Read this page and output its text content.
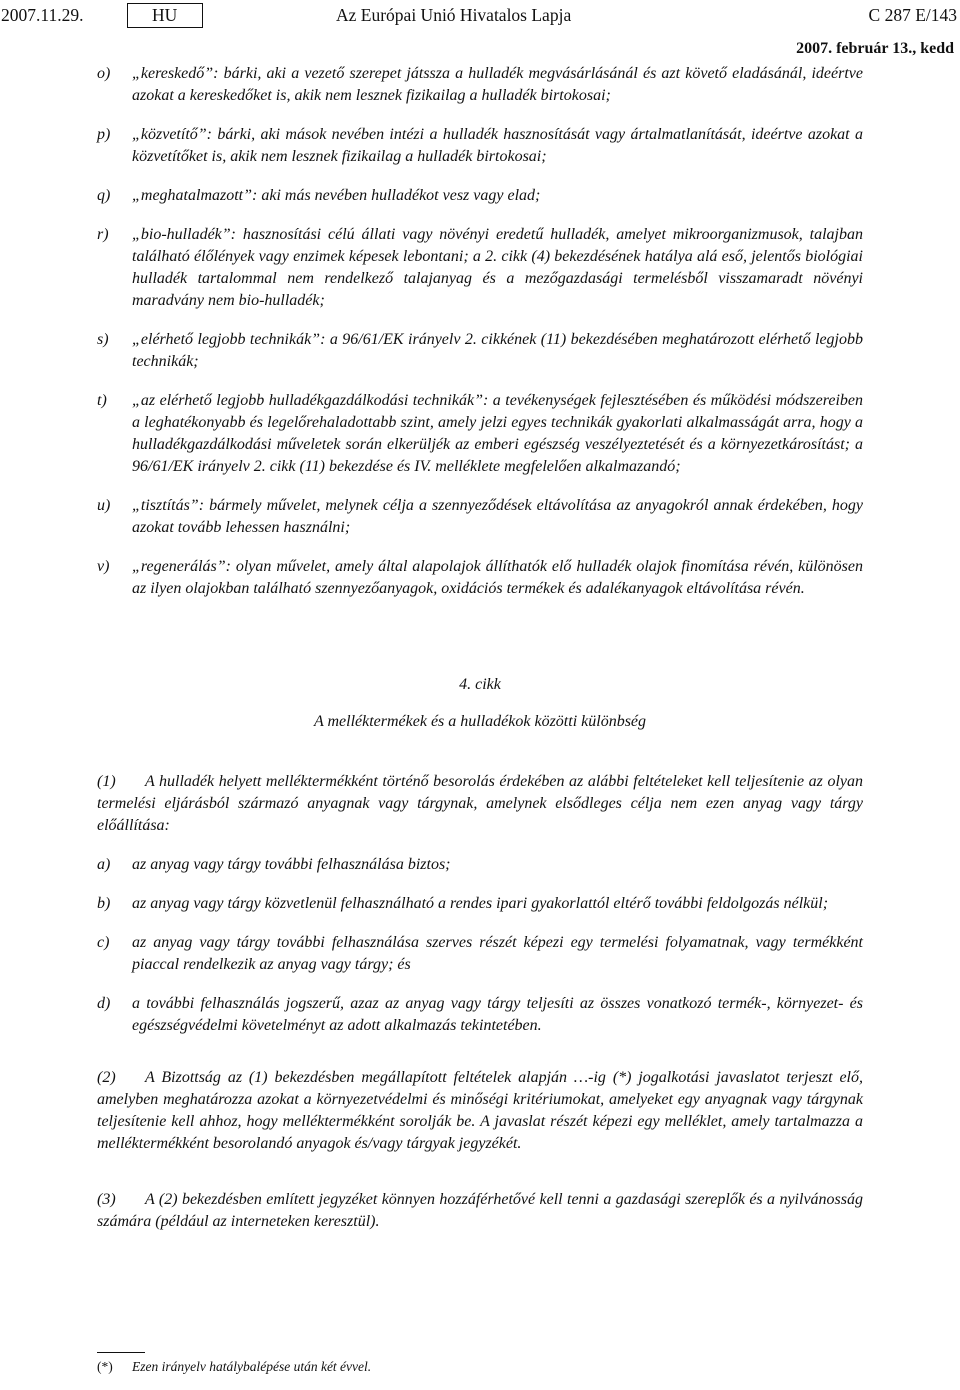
2007.11.29.	HU	Az Európai Unió Hivatalos Lapja	C 287 E/143
2007. február 13., kedd
o) „kereskedő”: bárki, aki a vezető szerepet játssza a hulladék megvásárlásánál és azt követő eladásánál, ideértve azokat a kereskedőket is, akik nem lesznek fizikailag a hulladék birtokosai;
p) „közvetítő”: bárki, aki mások nevében intézi a hulladék hasznosítását vagy ártalmatlanítását, ideértve azokat a közvetítőket is, akik nem lesznek fizikailag a hulladék birtokosai;
q) „meghatalmazott”: aki más nevében hulladékot vesz vagy elad;
r) „bio-hulladék”: hasznosítási célú állati vagy növényi eredetű hulladék, amelyet mikroorganizmusok, talajban található élőlények vagy enzimek képesek lebontani; a 2. cikk (4) bekezdésének hatálya alá eső, jelentős biológiai hulladék tartalommal nem rendelkező talajanyag és a mezőgazdasági termelésből visszamaradt növényi maradvány nem bio-hulladék;
s) „elérhető legjobb technikák”: a 96/61/EK irányelv 2. cikkének (11) bekezdésében meghatározott elérhető legjobb technikák;
t) „az elérhető legjobb hulladékgazdálkodási technikák”: a tevékenységek fejlesztésében és működési módszereiben a leghatékonyabb és legelőrehaladottabb szint, amely jelzi egyes technikák gyakorlati alkalmasságát arra, hogy a hulladékgazdálkodási műveletek során elkerüljék az emberi egészség veszélyeztetését és a környezetkárosítást; a 96/61/EK irányelv 2. cikk (11) bekezdése és IV. melléklete megfelelően alkalmazandó;
u) „tisztítás”: bármely művelet, melynek célja a szennyeződések eltávolítása az anyagokról annak érdekében, hogy azokat tovább lehessen használni;
v) „regenerálás”: olyan művelet, amely által alapolajok állíthatók elő hulladék olajok finomítása révén, különösen az ilyen olajokban található szennyezőanyagok, oxidációs termékek és adalékanyagok eltávolítása révén.

4. cikk

A melléktermékek és a hulladékok közötti különbség

(1) A hulladék helyett melléktermékként történő besorolás érdekében az alábbi feltételeket kell teljesítenie az olyan termelési eljárásból származó anyagnak vagy tárgynak, amelynek elsődleges célja nem ezen anyag vagy tárgy előállítása:

a) az anyag vagy tárgy további felhasználása biztos;
b) az anyag vagy tárgy közvetlenül felhasználható a rendes ipari gyakorlattól eltérő további feldolgozás nélkül;
c) az anyag vagy tárgy további felhasználása szerves részét képezi egy termelési folyamatnak, vagy termékként piaccal rendelkezik az anyag vagy tárgy; és
d) a további felhasználás jogszerű, azaz az anyag vagy tárgy teljesíti az összes vonatkozó termék-, környezet- és egészségvédelmi követelményt az adott alkalmazás tekintetében.

(2) A Bizottság az (1) bekezdésben megállapított feltételek alapján …-ig (*) jogalkotási javaslatot terjeszt elő, amelyben meghatározza azokat a környezetvédelmi és minőségi kritériumokat, amelyeket egy anyagnak vagy tárgynak teljesítenie kell ahhoz, hogy melléktermékként sorolják be. A javaslat részét képezi egy melléklet, amely tartalmazza a melléktermékként besorolandó anyagok és/vagy tárgyak jegyzékét.

(3) A (2) bekezdésben említett jegyzéket könnyen hozzáférhetővé kell tenni a gazdasági szereplők és a nyilvánosság számára (például az interneteken keresztül).

(*) Ezen irányelv hatálybalépése után két évvel.
